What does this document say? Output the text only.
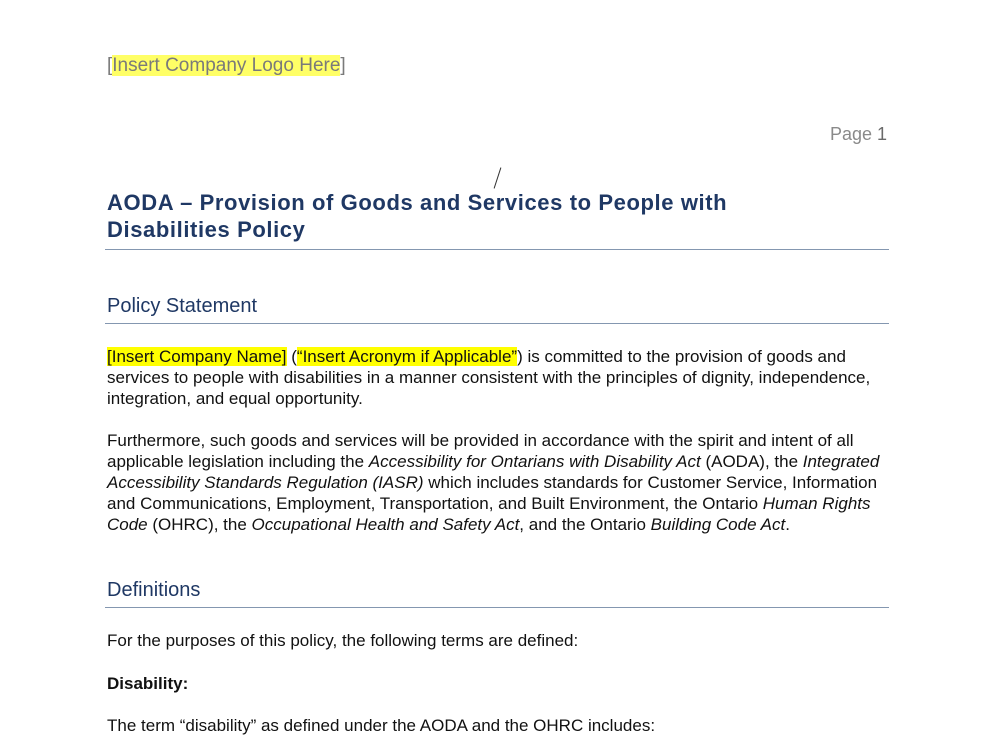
[Insert Company Logo Here]
Page 1
AODA – Provision of Goods and Services to People with
Disabilities Policy
Policy Statement

[Insert Company Name] (“Insert Acronym if Applicable”) is committed to the provision of goods and services to people with disabilities in a manner consistent with the principles of dignity, independence, integration, and equal opportunity.

Furthermore, such goods and services will be provided in accordance with the spirit and intent of all applicable legislation including the Accessibility for Ontarians with Disability Act (AODA), the Integrated Accessibility Standards Regulation (IASR) which includes standards for Customer Service, Information and Communications, Employment, Transportation, and Built Environment, the Ontario Human Rights Code (OHRC), the Occupational Health and Safety Act, and the Ontario Building Code Act.

Definitions

For the purposes of this policy, the following terms are defined:

Disability:

The term “disability” as defined under the AODA and the OHRC includes:
